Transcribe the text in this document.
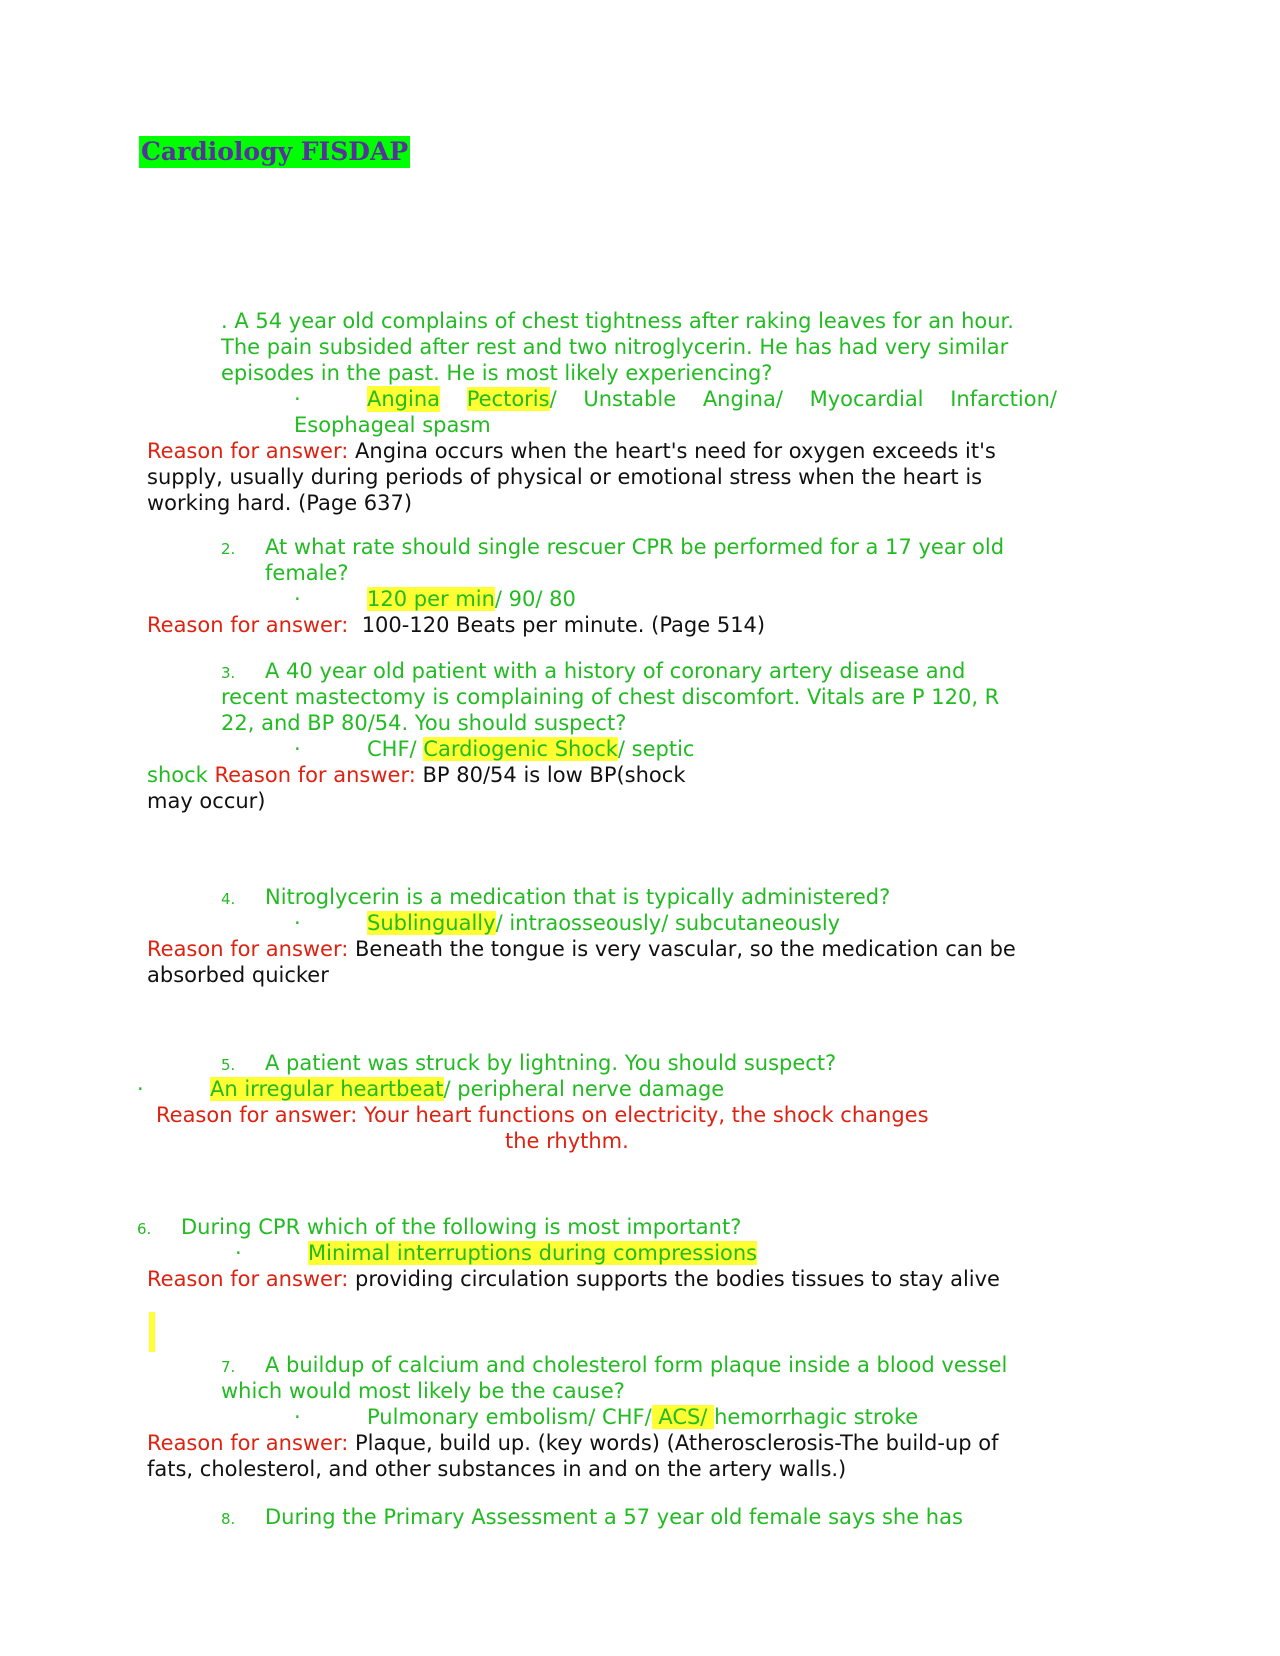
Cardiology FISDAP

. A 54 year old complains of chest tightness after raking leaves for an hour.

The pain subsided after rest and two nitroglycerin. He has had very similar

episodes in the past. He is most likely experiencing?

·	Angina Pectoris/ Unstable Angina/ Myocardial Infarction/

Esophageal spasm

Reason for answer: Angina occurs when the heart's need for oxygen exceeds it's

supply, usually during periods of physical or emotional stress when the heart is

working hard. (Page 637)

2. At what rate should single rescuer CPR be performed for a 17 year old

female?

·	120 per min/ 90/ 80

Reason for answer: 100-120 Beats per minute. (Page 514)

3. A 40 year old patient with a history of coronary artery disease and

recent mastectomy is complaining of chest discomfort. Vitals are P 120, R

22, and BP 80/54. You should suspect?

·	CHF/ Cardiogenic Shock/ septic

shock Reason for answer: BP 80/54 is low BP(shock

may occur)

4. Nitroglycerin is a medication that is typically administered?

·	Sublingually/ intraosseously/ subcutaneously

Reason for answer: Beneath the tongue is very vascular, so the medication can be

absorbed quicker

5. A patient was struck by lightning. You should suspect?

·	An irregular heartbeat/ peripheral nerve damage

Reason for answer: Your heart functions on electricity, the shock changes

the rhythm.

6. During CPR which of the following is most important?

·	Minimal interruptions during compressions

Reason for answer: providing circulation supports the bodies tissues to stay alive

7. A buildup of calcium and cholesterol form plaque inside a blood vessel

which would most likely be the cause?

·	Pulmonary embolism/ CHF/ ACS/ hemorrhagic stroke

Reason for answer: Plaque, build up. (key words) (Atherosclerosis-The build-up of

fats, cholesterol, and other substances in and on the artery walls.)

8. During the Primary Assessment a 57 year old female says she has
